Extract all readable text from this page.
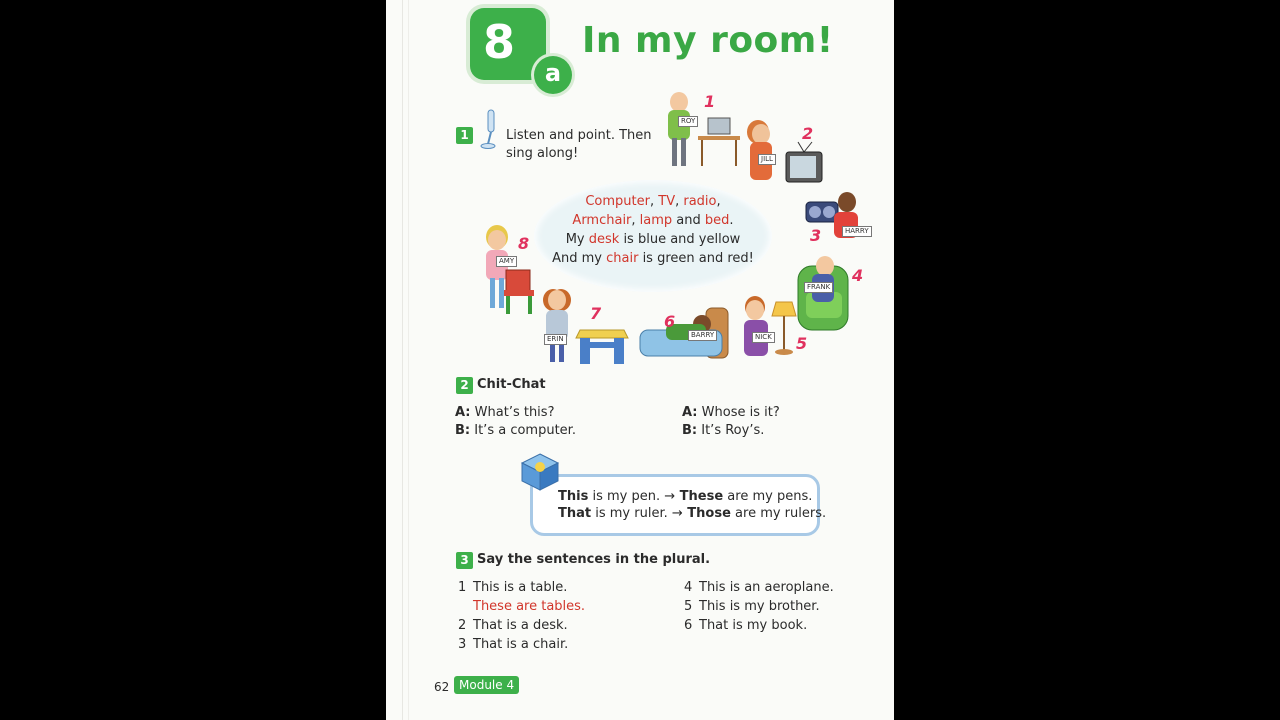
8
a
In my room!
1	Listen and point. Then
sing along!
Computer, TV, radio,
Armchair, lamp and bed.
My desk is blue and yellow
And my chair is green and red!
ROY
1
JILL
2
HARRY
3
FRANK
4
NICK 5
BARRY
6
ERIN
7
AMY
8
2 Chit-Chat
A: What’s this?
B: It’s a computer.
A: Whose is it?
B: It’s Roy’s.
This is my pen. → These are my pens.
That is my ruler. → Those are my rulers.
3 Say the sentences in the plural.
1 This is a table.
These are tables.
2 That is a desk.
3 That is a chair.
4 This is an aeroplane.
5 This is my brother.
6 That is my book.
62 Module 4
